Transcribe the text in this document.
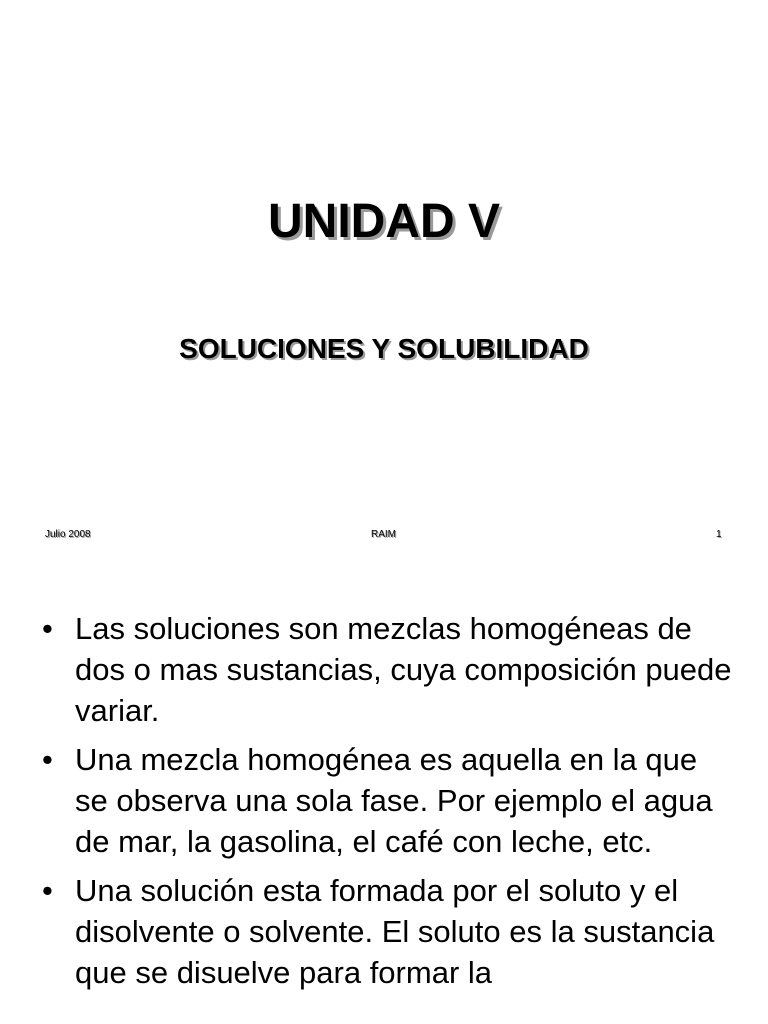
UNIDAD V
SOLUCIONES Y SOLUBILIDAD
Julio 2008	RAIM	1
• Las soluciones son mezclas homogéneas de dos o mas sustancias, cuya composición puede variar.
• Una mezcla homogénea es aquella en la que se observa una sola fase. Por ejemplo el agua de mar, la gasolina, el café con leche, etc.
• Una solución esta formada por el soluto y el disolvente o solvente. El soluto es la sustancia que se disuelve para formar la
